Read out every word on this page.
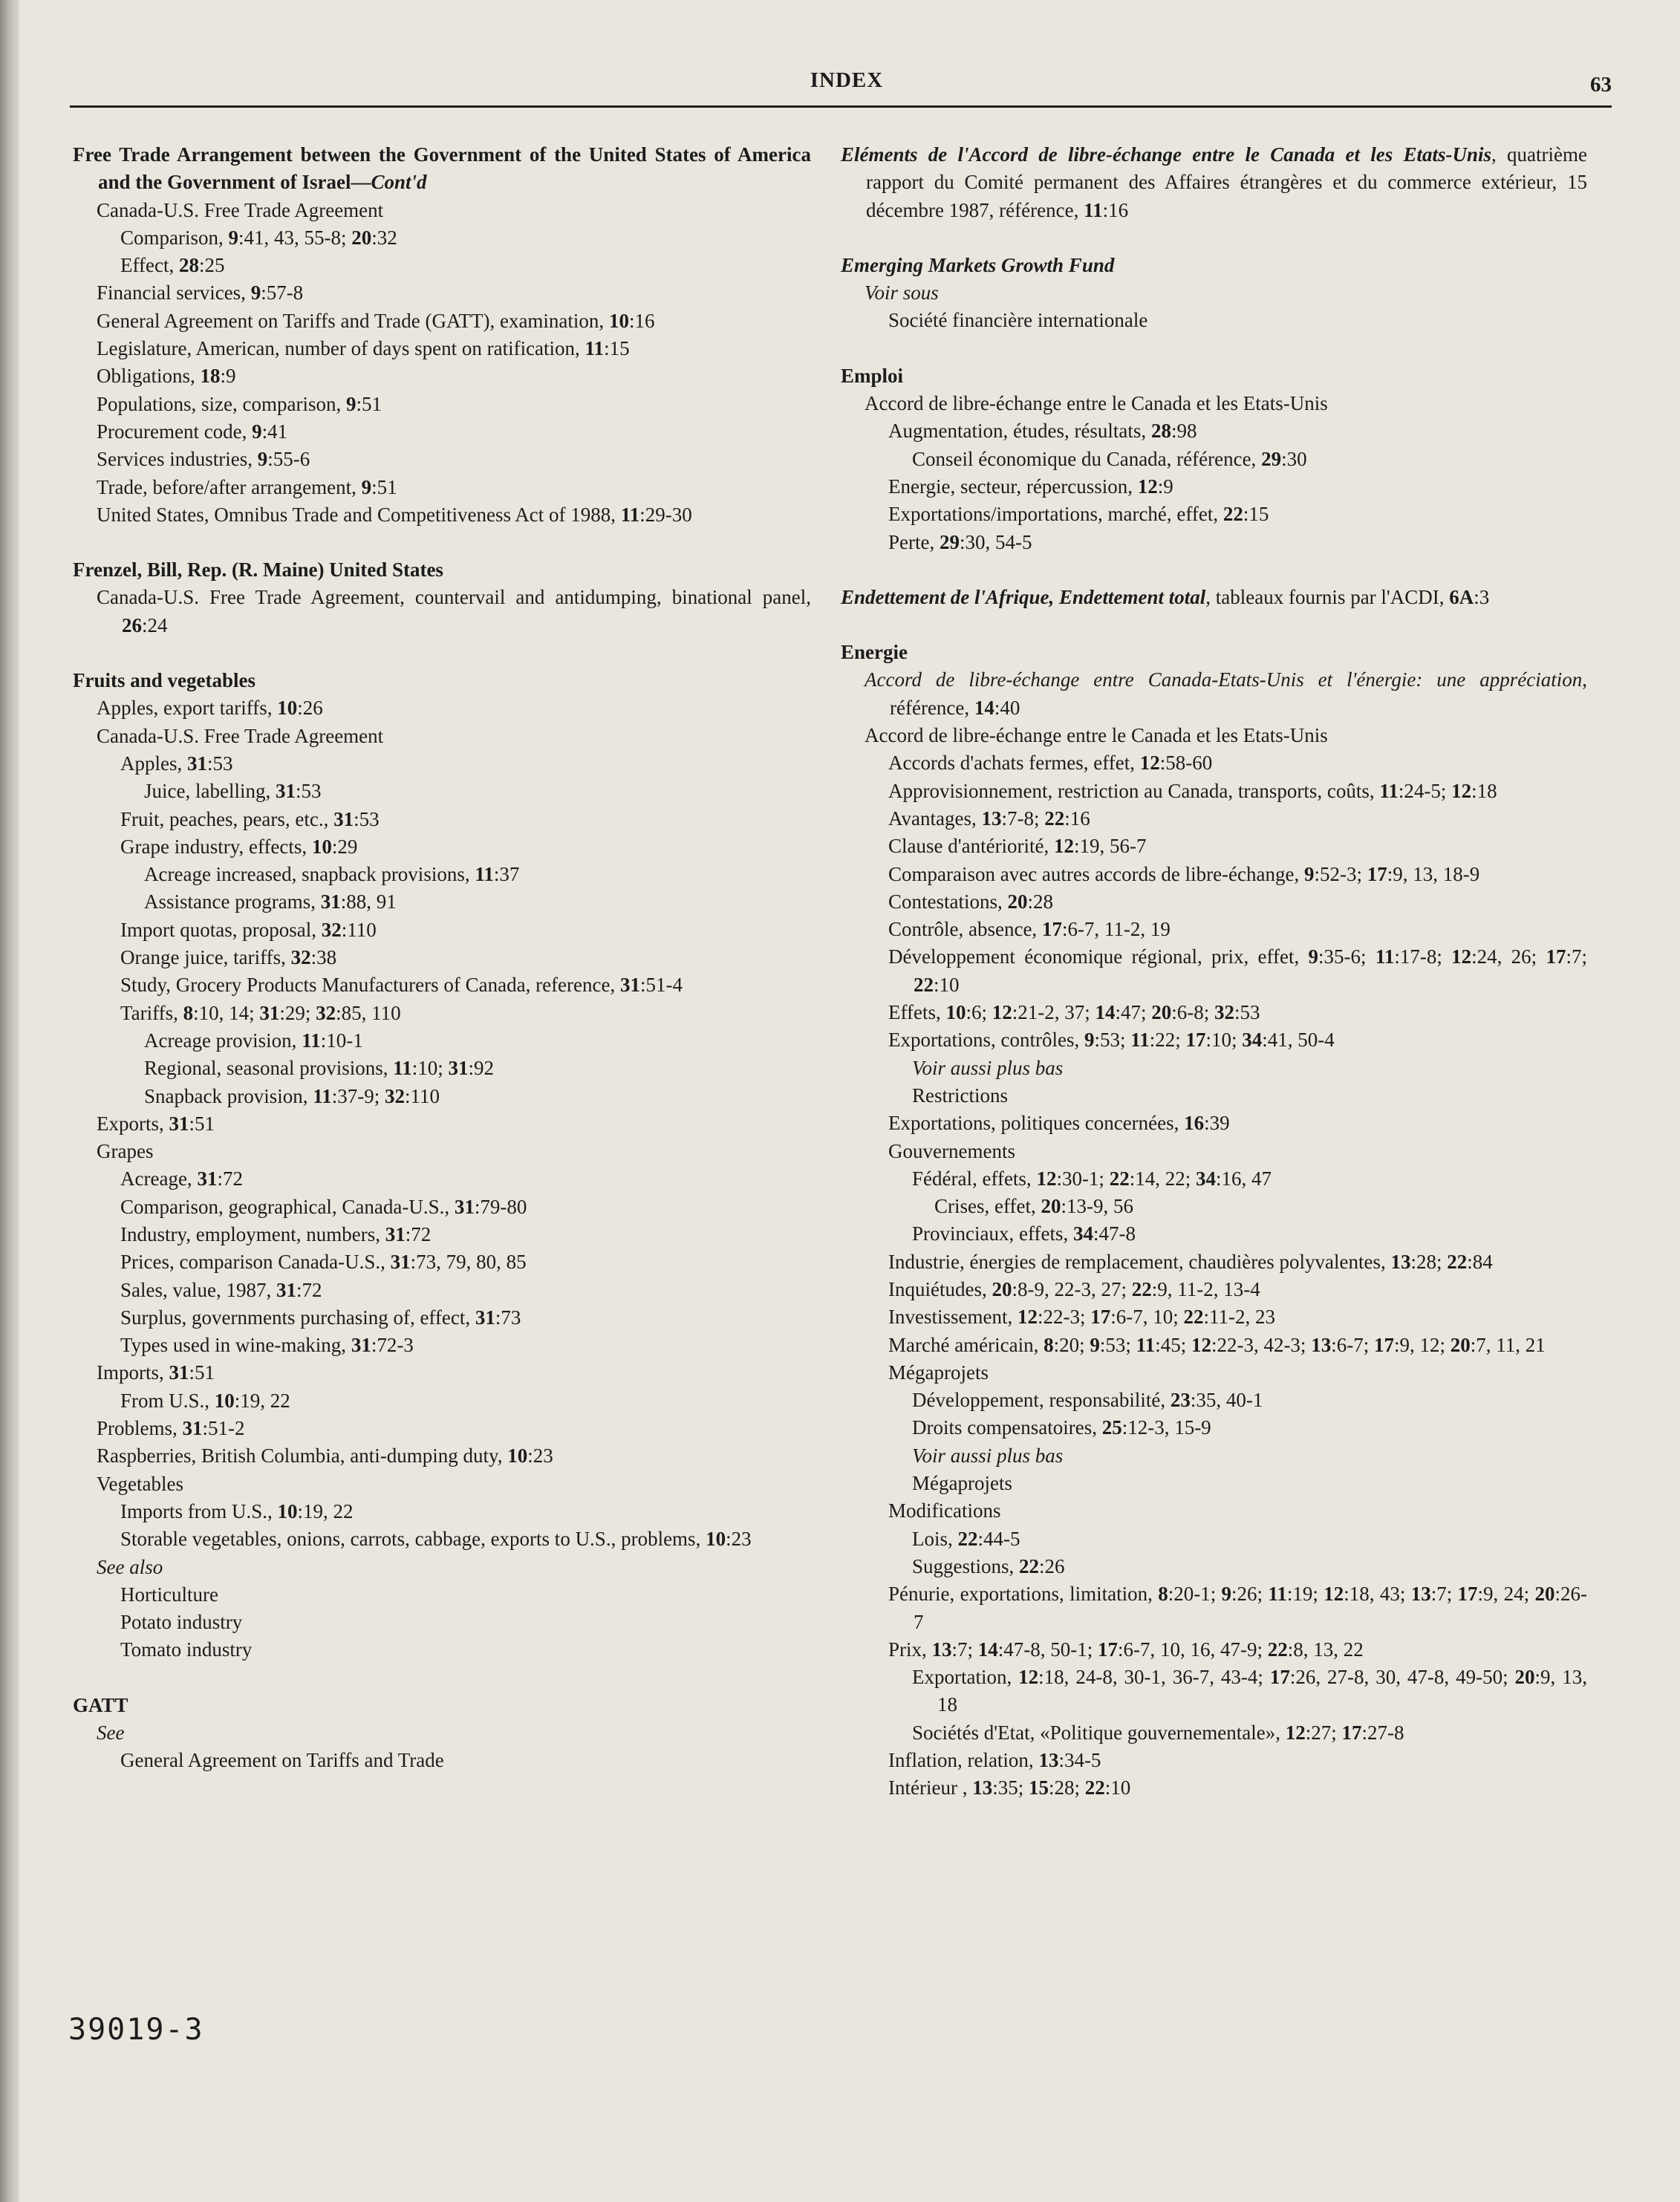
INDEX	63

Free Trade Arrangement between the Government of the United States of America and the Government of Israel—Cont'd

Canada-U.S. Free Trade Agreement

Comparison, 9:41, 43, 55-8; 20:32

Effect, 28:25

Financial services, 9:57-8

General Agreement on Tariffs and Trade (GATT), examination, 10:16

Legislature, American, number of days spent on ratification, 11:15

Obligations, 18:9

Populations, size, comparison, 9:51

Procurement code, 9:41

Services industries, 9:55-6

Trade, before/after arrangement, 9:51

United States, Omnibus Trade and Competitiveness Act of 1988, 11:29-30

Frenzel, Bill, Rep. (R. Maine) United States

Canada-U.S. Free Trade Agreement, countervail and antidumping, binational panel, 26:24

Fruits and vegetables

Apples, export tariffs, 10:26

Canada-U.S. Free Trade Agreement

Apples, 31:53

Juice, labelling, 31:53

Fruit, peaches, pears, etc., 31:53

Grape industry, effects, 10:29

Acreage increased, snapback provisions, 11:37

Assistance programs, 31:88, 91

Import quotas, proposal, 32:110

Orange juice, tariffs, 32:38

Study, Grocery Products Manufacturers of Canada, reference, 31:51-4

Tariffs, 8:10, 14; 31:29; 32:85, 110

Acreage provision, 11:10-1

Regional, seasonal provisions, 11:10; 31:92

Snapback provision, 11:37-9; 32:110

Exports, 31:51

Grapes

Acreage, 31:72

Comparison, geographical, Canada-U.S., 31:79-80

Industry, employment, numbers, 31:72

Prices, comparison Canada-U.S., 31:73, 79, 80, 85

Sales, value, 1987, 31:72

Surplus, governments purchasing of, effect, 31:73

Types used in wine-making, 31:72-3

Imports, 31:51

From U.S., 10:19, 22

Problems, 31:51-2

Raspberries, British Columbia, anti-dumping duty, 10:23

Vegetables

Imports from U.S., 10:19, 22

Storable vegetables, onions, carrots, cabbage, exports to U.S., problems, 10:23

See also

Horticulture

Potato industry

Tomato industry

GATT

See

General Agreement on Tariffs and Trade

Eléments de l'Accord de libre-échange entre le Canada et les Etats-Unis, quatrième rapport du Comité permanent des Affaires étrangères et du commerce extérieur, 15 décembre 1987, référence, 11:16

Emerging Markets Growth Fund

Voir sous

Société financière internationale

Emploi

Accord de libre-échange entre le Canada et les Etats-Unis

Augmentation, études, résultats, 28:98

Conseil économique du Canada, référence, 29:30

Energie, secteur, répercussion, 12:9

Exportations/importations, marché, effet, 22:15

Perte, 29:30, 54-5

Endettement de l'Afrique, Endettement total, tableaux fournis par l'ACDI, 6A:3

Energie

Accord de libre-échange entre Canada-Etats-Unis et l'énergie: une appréciation, référence, 14:40

Accord de libre-échange entre le Canada et les Etats-Unis

Accords d'achats fermes, effet, 12:58-60

Approvisionnement, restriction au Canada, transports, coûts, 11:24-5; 12:18

Avantages, 13:7-8; 22:16

Clause d'antériorité, 12:19, 56-7

Comparaison avec autres accords de libre-échange, 9:52-3; 17:9, 13, 18-9

Contestations, 20:28

Contrôle, absence, 17:6-7, 11-2, 19

Développement économique régional, prix, effet, 9:35-6; 11:17-8; 12:24, 26; 17:7; 22:10

Effets, 10:6; 12:21-2, 37; 14:47; 20:6-8; 32:53

Exportations, contrôles, 9:53; 11:22; 17:10; 34:41, 50-4

Voir aussi plus bas

Restrictions

Exportations, politiques concernées, 16:39

Gouvernements

Fédéral, effets, 12:30-1; 22:14, 22; 34:16, 47

Crises, effet, 20:13-9, 56

Provinciaux, effets, 34:47-8

Industrie, énergies de remplacement, chaudières polyvalentes, 13:28; 22:84

Inquiétudes, 20:8-9, 22-3, 27; 22:9, 11-2, 13-4

Investissement, 12:22-3; 17:6-7, 10; 22:11-2, 23

Marché américain, 8:20; 9:53; 11:45; 12:22-3, 42-3; 13:6-7; 17:9, 12; 20:7, 11, 21

Mégaprojets

Développement, responsabilité, 23:35, 40-1

Droits compensatoires, 25:12-3, 15-9

Voir aussi plus bas

Mégaprojets

Modifications

Lois, 22:44-5

Suggestions, 22:26

Pénurie, exportations, limitation, 8:20-1; 9:26; 11:19; 12:18, 43; 13:7; 17:9, 24; 20:26-7

Prix, 13:7; 14:47-8, 50-1; 17:6-7, 10, 16, 47-9; 22:8, 13, 22

Exportation, 12:18, 24-8, 30-1, 36-7, 43-4; 17:26, 27-8, 30, 47-8, 49-50; 20:9, 13, 18

Sociétés d'Etat, «Politique gouvernementale», 12:27; 17:27-8

Inflation, relation, 13:34-5

Intérieur , 13:35; 15:28; 22:10

39019-3
